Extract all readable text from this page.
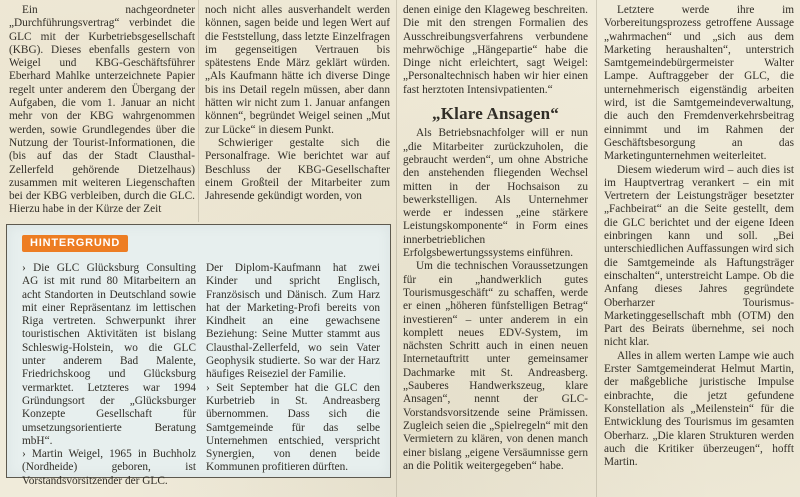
Ein nachgeordneter „Durchführungsvertrag“ verbindet die GLC mit der Kurbetriebsgesellschaft (KBG). Dieses ebenfalls gestern von Weigel und KBG-Geschäftsführer Eberhard Mahlke unterzeichnete Papier regelt unter anderem den Übergang der Aufgaben, die vom 1. Januar an nicht mehr von der KBG wahrgenommen werden, sowie Grundlegendes über die Nutzung der Tourist-Informationen, die (bis auf das der Stadt Clausthal-Zellerfeld gehörende Dietzelhaus) zusammen mit weiteren Liegenschaften bei der KBG verbleiben, durch die GLC. Hierzu habe in der Kürze der Zeit

noch nicht alles ausverhandelt werden können, sagen beide und legen Wert auf die Feststellung, dass letzte Einzelfragen im gegenseitigen Vertrauen bis spätestens Ende März geklärt würden. „Als Kaufmann hätte ich diverse Dinge bis ins Detail regeln müssen, aber dann hätten wir nicht zum 1. Januar anfangen können“, begründet Weigel seinen „Mut zur Lücke“ in diesem Punkt.

Schwieriger gestalte sich die Personalfrage. Wie berichtet war auf Beschluss der KBG-Gesellschafter einem Großteil der Mitarbeiter zum Jahresende gekündigt worden, von

denen einige den Klageweg beschreiten. Die mit den strengen Formalien des Ausschreibungsverfahrens verbundene mehrwöchige „Hängepartie“ habe die Dinge nicht erleichtert, sagt Weigel: „Personaltechnisch haben wir hier einen fast herztoten Intensivpatienten.“

„Klare Ansagen“

Als Betriebsnachfolger will er nun „die Mitarbeiter zurückzuholen, die gebraucht werden“, um ohne Abstriche den anstehenden fliegenden Wechsel mitten in der Hochsaison zu bewerkstelligen. Als Unternehmer werde er indessen „eine stärkere Leistungskomponente“ in Form eines innerbetrieblichen Erfolgsbewertungssystems einführen.

Um die technischen Voraussetzungen für ein „handwerklich gutes Tourismusgeschäft“ zu schaffen, werde er einen „höheren fünfstelligen Betrag“ investieren“ – unter anderem in ein komplett neues EDV-System, im nächsten Schritt auch in einen neuen Internetauftritt unter gemeinsamer Dachmarke mit St. Andreasberg. „Sauberes Handwerkszeug, klare Ansagen“, nennt der GLC-Vorstandsvorsitzende seine Prämissen. Zugleich seien die „Spielregeln“ mit den Vermietern zu klären, von denen manch einer bislang „eigene Versäumnisse gern an die Politik weitergegeben“ habe.

Letztere werde ihre im Vorbereitungsprozess getroffene Aussage „wahrmachen“ und „sich aus dem Marketing heraushalten“, unterstrich Samtgemeindebürgermeister Walter Lampe. Auftraggeber der GLC, die unternehmerisch eigenständig arbeiten wird, ist die Samtgemeindeverwaltung, die auch den Fremdenverkehrsbeitrag einnimmt und im Rahmen der Geschäftsbesorgung an das Marketingunternehmen weiterleitet.

Diesem wiederum wird – auch dies ist im Hauptvertrag verankert – ein mit Vertretern der Leistungsträger besetzter „Fachbeirat“ an die Seite gestellt, dem die GLC berichtet und der eigene Ideen einbringen kann und soll. „Bei unterschiedlichen Auffassungen wird sich die Samtgemeinde als Haftungsträger einschalten“, unterstreicht Lampe. Ob die Anfang dieses Jahres gegründete Oberharzer Tourismus-Marketinggesellschaft mbh (OTM) den Part des Beirats übernehme, sei noch nicht klar.

Alles in allem werten Lampe wie auch Erster Samtgemeinderat Helmut Martin, der maßgebliche juristische Impulse einbrachte, die jetzt gefundene Konstellation als „Meilenstein“ für die Entwicklung des Tourismus im gesamten Oberharz. „Die klaren Strukturen werden auch die Kritiker überzeugen“, hofft Martin.

HINTERGRUND

› Die GLC Glücksburg Consulting AG ist mit rund 80 Mitarbeitern an acht Standorten in Deutschland sowie mit einer Repräsentanz im lettischen Riga vertreten. Schwerpunkt ihrer touristischen Aktivitäten ist bislang Schleswig-Holstein, wo die GLC unter anderem Bad Malente, Friedrichskoog und Glücksburg vermarktet. Letzteres war 1994 Gründungsort der „Glücksburger Konzepte Gesellschaft für umsetzungsorientierte Beratung mbH“.

› Martin Weigel, 1965 in Buchholz (Nordheide) geboren, ist Vorstandsvorsitzender der GLC.

Der Diplom-Kaufmann hat zwei Kinder und spricht Englisch, Französisch und Dänisch. Zum Harz hat der Marketing-Profi bereits von Kindheit an eine gewachsene Beziehung: Seine Mutter stammt aus Clausthal-Zellerfeld, wo sein Vater Geophysik studierte. So war der Harz häufiges Reiseziel der Familie.

› Seit September hat die GLC den Kurbetrieb in St. Andreasberg übernommen. Dass sich die Samtgemeinde für das selbe Unternehmen entschied, verspricht Synergien, von denen beide Kommunen profitieren dürften.
